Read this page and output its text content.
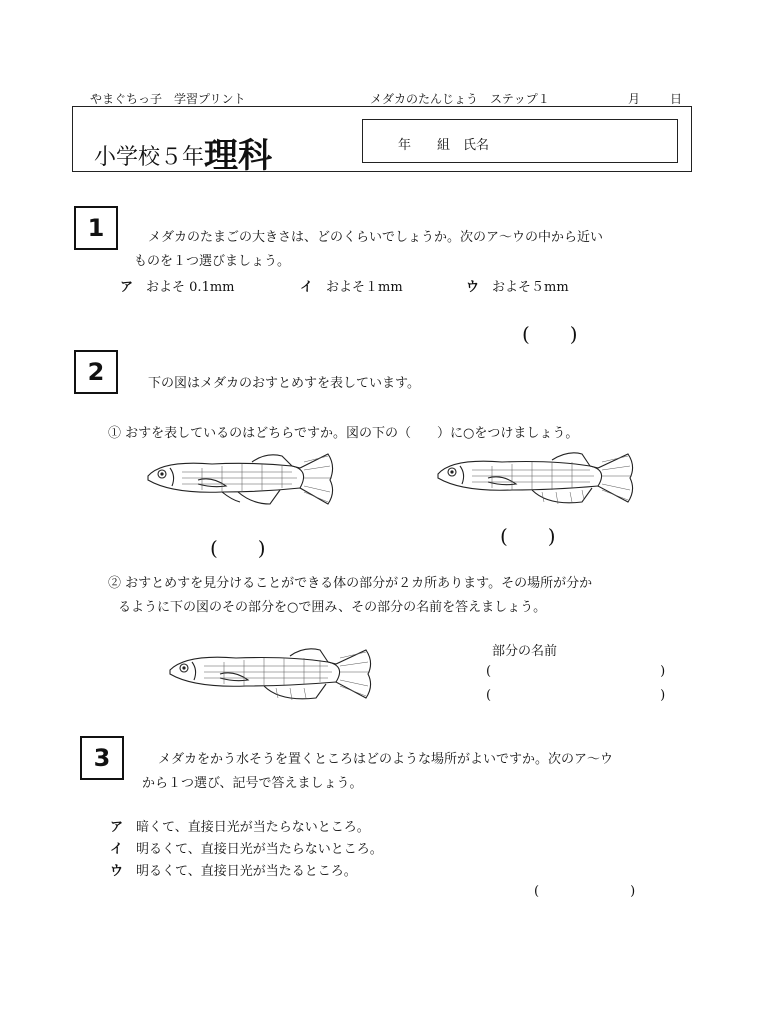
やまぐちっ子　学習プリント	メダカのたんじょう　ステップ１	月 日
小学校５年理科	年　　組　氏名
1	メダカのたまごの大きさは、どのくらいでしょうか。次のア～ウの中から近い
ものを１つ選びましょう。
ア　 およそ 0.1mm	イ　 およそ１mm	ウ　 およそ５mm
(　　)
2	下の図はメダカのおすとめすを表しています。
① おすを表しているのはどちらですか。図の下の（　　）に○をつけましょう。
(　　)	(　　)
② おすとめすを見分けることができる体の部分が２カ所あります。その場所が分か
るように下の図のその部分を○で囲み、その部分の名前を答えましょう。
部分の名前
(　　　　　　　　　　　　　)
(　　　　　　　　　　　　　)
3	メダカをかう水そうを置くところはどのような場所がよいですか。次のア～ウ
から１つ選び、記号で答えましょう。
ア　 暗くて、直接日光が当たらないところ。
イ　 明るくて、直接日光が当たらないところ。
ウ　 明るくて、直接日光が当たるところ。
(　　　　　　　)
